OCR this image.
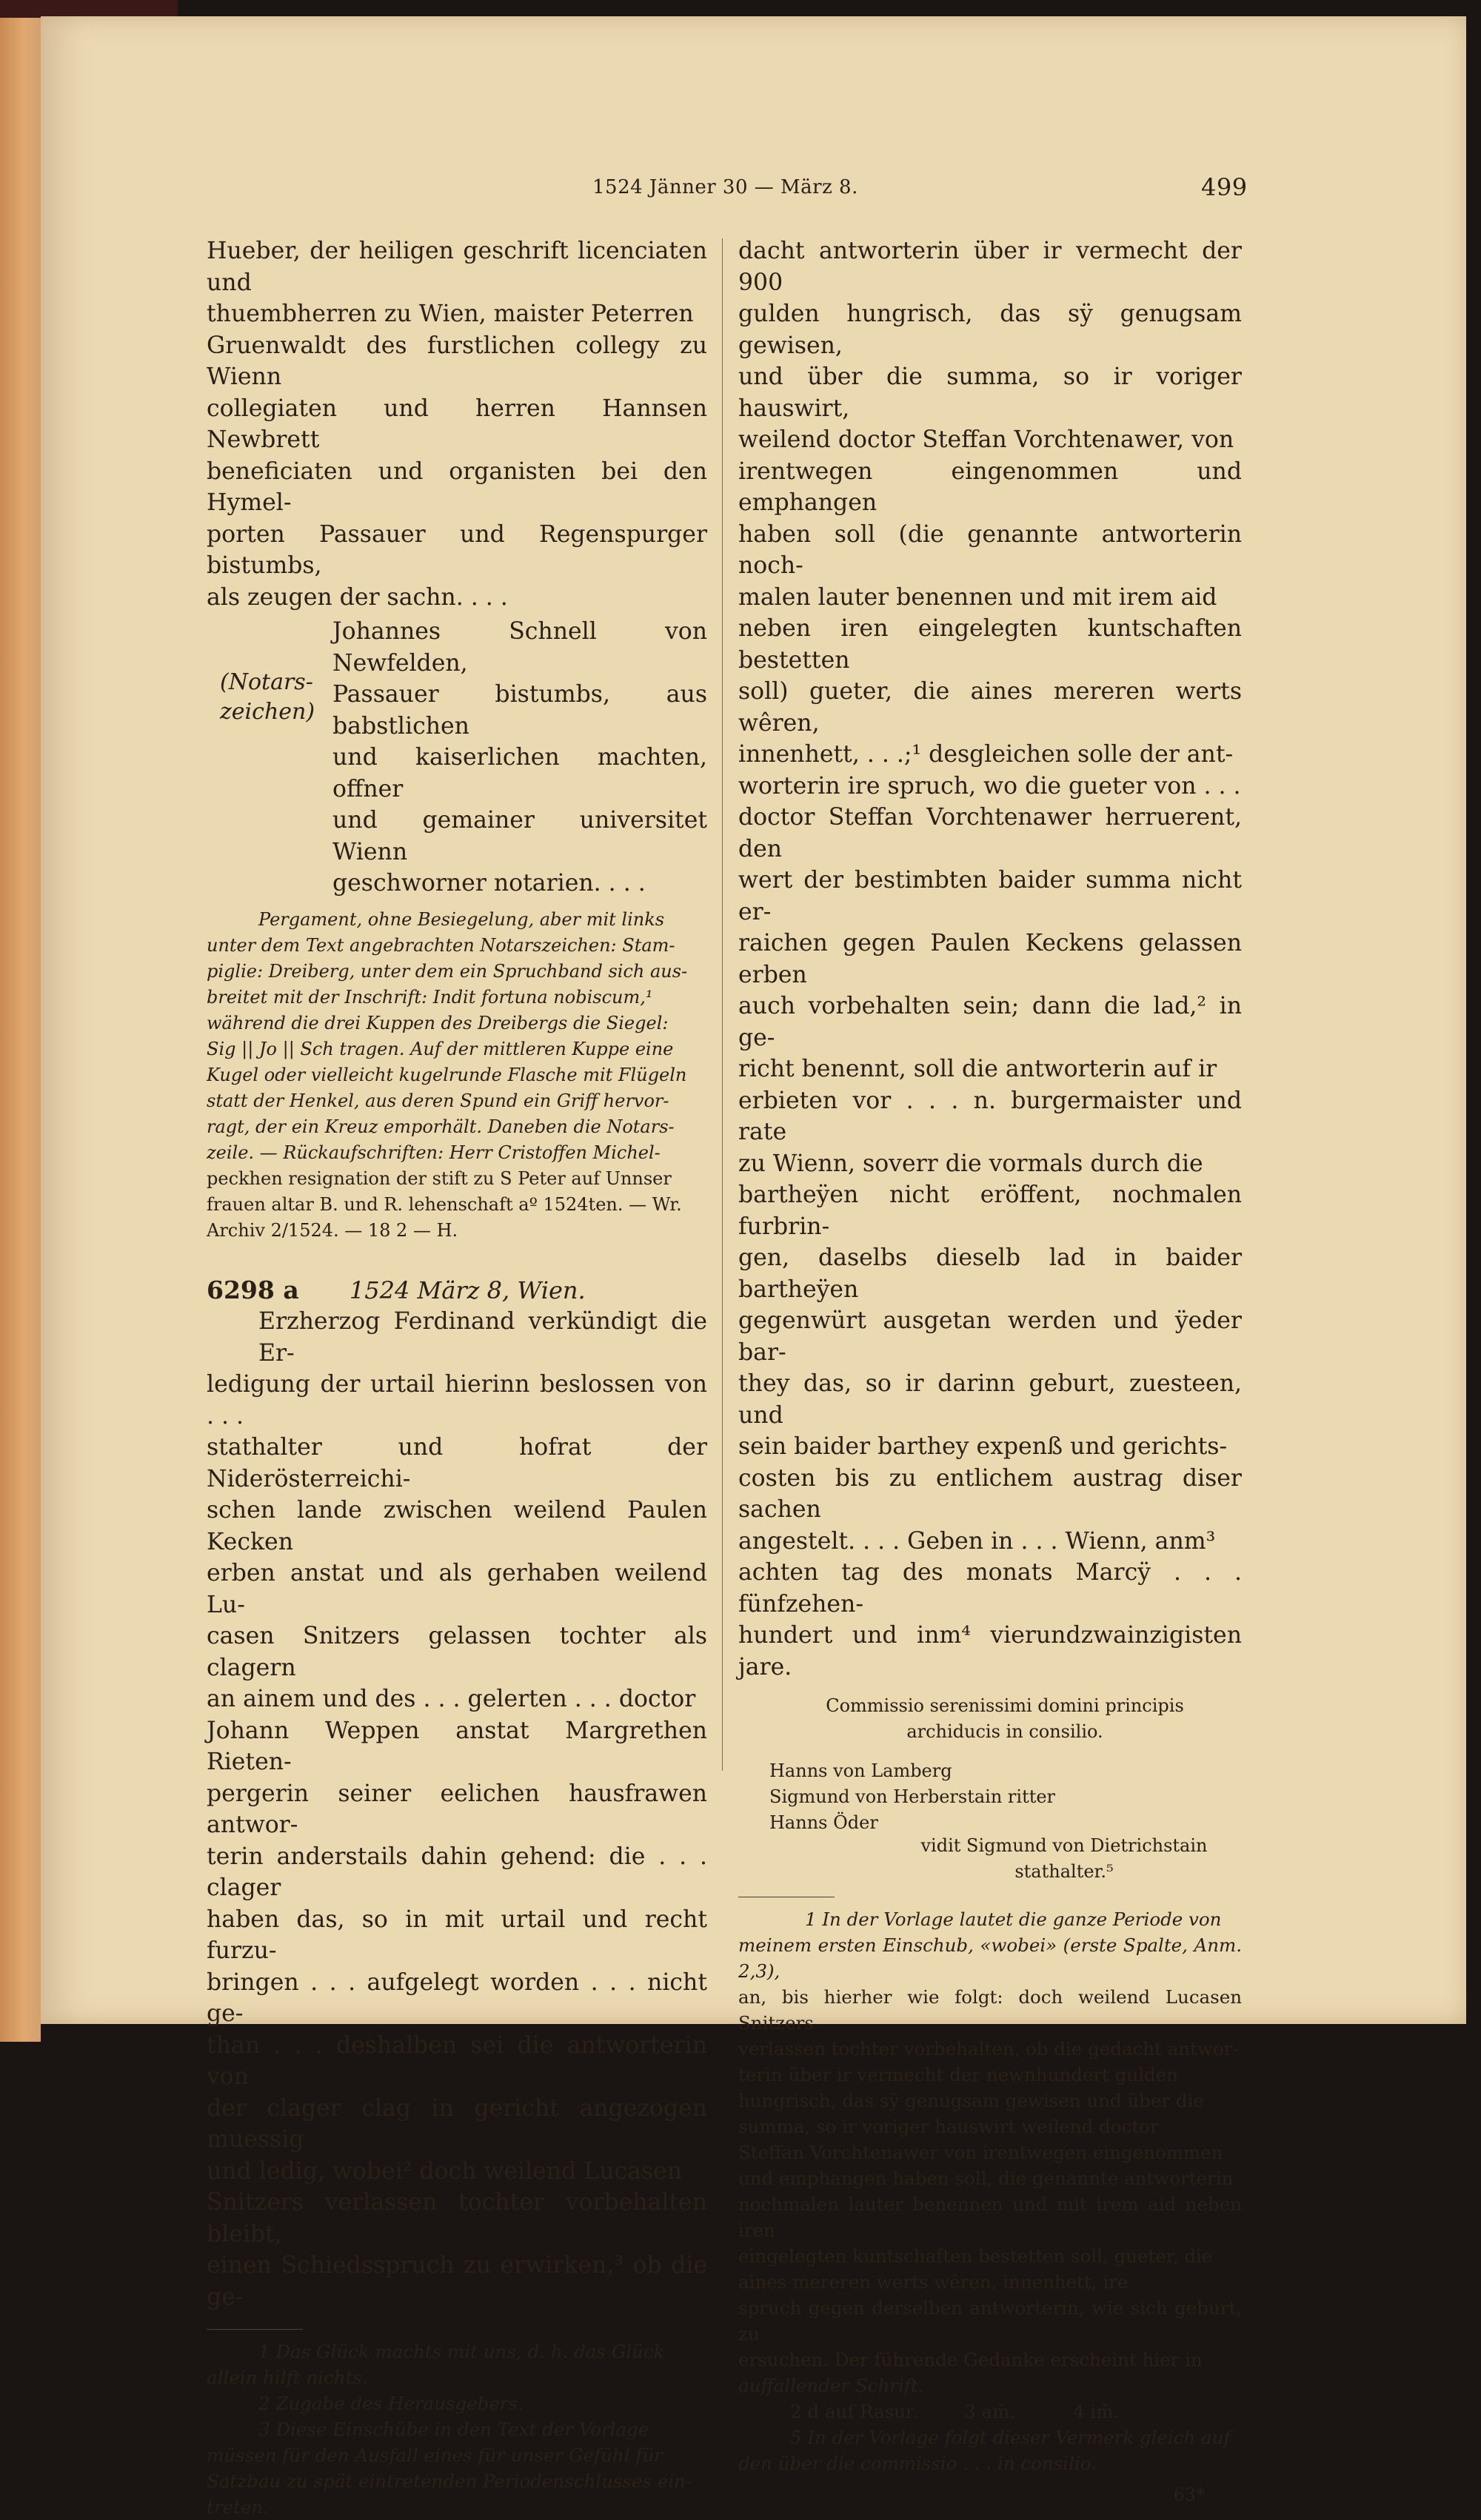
1524 Jänner 30 — März 8.	499

Hueber, der heiligen geschrift licenciaten und

thuembherren zu Wien, maister Peterren

Gruenwaldt des furstlichen collegy zu Wienn

collegiaten und herren Hannsen Newbrett

beneficiaten und organisten bei den Hymel-

porten Passauer und Regenspurger bistumbs,

als zeugen der sachn. . . .

(Notars-
zeichen)

Johannes Schnell von Newfelden,

Passauer bistumbs, aus babstlichen

und kaiserlichen machten, offner

und gemainer universitet Wienn

geschworner notarien. . . .

Pergament, ohne Besiegelung, aber mit links

unter dem Text angebrachten Notarszeichen: Stam-

piglie: Dreiberg, unter dem ein Spruchband sich aus-

breitet mit der Inschrift: Indit fortuna nobiscum,¹

während die drei Kuppen des Dreibergs die Siegel:

Sig || Jo || Sch tragen. Auf der mittleren Kuppe eine

Kugel oder vielleicht kugelrunde Flasche mit Flügeln

statt der Henkel, aus deren Spund ein Griff hervor-

ragt, der ein Kreuz emporhält. Daneben die Notars-

zeile. — Rückaufschriften: Herr Cristoffen Michel-

peckhen resignation der stift zu S Peter auf Unnser

frauen altar B. und R. lehenschaft aº 1524ten. — Wr.

Archiv 2/1524. — 18 2 — H.

6298 a 1524 März 8, Wien.

Erzherzog Ferdinand verkündigt die Er-

ledigung der urtail hierinn beslossen von . . .

stathalter und hofrat der Niderösterreichi-

schen lande zwischen weilend Paulen Kecken

erben anstat und als gerhaben weilend Lu-

casen Snitzers gelassen tochter als clagern

an ainem und des . . . gelerten . . . doctor

Johann Weppen anstat Margrethen Rieten-

pergerin seiner eelichen hausfrawen antwor-

terin anderstails dahin gehend: die . . . clager

haben das, so in mit urtail und recht furzu-

bringen . . . aufgelegt worden . . . nicht ge-

than . . . deshalben sei die antworterin von

der clager clag in gericht angezogen muessig

und ledig, wobei² doch weilend Lucasen

Snitzers verlassen tochter vorbehalten bleibt,

einen Schiedsspruch zu erwirken,³ ob die ge-

1 Das Glück machts mit uns, d. h. das Glück

allein hilft nichts.

2 Zugabe des Herausgebers.

3 Diese Einschübe in den Text der Vorlage

müssen für den Ausfall eines für unser Gefühl für

Satzbau zu spät eintretenden Periodenschlusses ein-

treten.

dacht antworterin über ir vermecht der 900

gulden hungrisch, das sÿ genugsam gewisen,

und über die summa, so ir voriger hauswirt,

weilend doctor Steffan Vorchtenawer, von

irentwegen eingenommen und emphangen

haben soll (die genannte antworterin noch-

malen lauter benennen und mit irem aid

neben iren eingelegten kuntschaften bestetten

soll) gueter, die aines mereren werts wêren,

innenhett, . . .;¹ desgleichen solle der ant-

worterin ire spruch, wo die gueter von . . .

doctor Steffan Vorchtenawer herruerent, den

wert der bestimbten baider summa nicht er-

raichen gegen Paulen Keckens gelassen erben

auch vorbehalten sein; dann die lad,² in ge-

richt benennt, soll die antworterin auf ir

erbieten vor . . . n. burgermaister und rate

zu Wienn, soverr die vormals durch die

bartheÿen nicht eröffent, nochmalen furbrin-

gen, daselbs dieselb lad in baider bartheÿen

gegenwürt ausgetan werden und ÿeder bar-

they das, so ir darinn geburt, zuesteen, und

sein baider barthey expenß und gerichts-

costen bis zu entlichem austrag diser sachen

angestelt. . . . Geben in . . . Wienn, anm³

achten tag des monats Marcÿ . . . fünfzehen-

hundert und inm⁴ vierundzwainzigisten jare.

Commissio serenissimi domini principis
archiducis in consilio.
Hanns von Lamberg
Sigmund von Herberstain ritter
Hanns Öder
vidit Sigmund von Dietrichstain
stathalter.⁵

1 In der Vorlage lautet die ganze Periode von

meinem ersten Einschub, «wobei» (erste Spalte, Anm. 2,3),

an, bis hierher wie folgt: doch weilend Lucasen Snitzers

verlassen tochter vorbehalten, ob die gedacht antwor-

terin über ir vermecht der newnhundert gulden

hungrisch, das sÿ genugsam gewisen und über die

summa, so ir voriger hauswirt weilend doctor

Steffan Vorchtenawer von irentwegen eingenommen

und emphangen haben soll, die genannte antworterin

nochmalen lauter benennen und mit irem aid neben iren

eingelegten kuntschaften bestetten soll, gueter, die

aines mereren werts wêren, innenhett, ire

spruch gegen derselben antworterin, wie sich geburt, zu

ersuchen. Der führende Gedanke erscheint hier in

auffallender Schrift.

2 d auf Rasur.        3 am̄.          4 im̄.

5 In der Vorlage folgt dieser Vermerk gleich auf

den über die commissio . . . in consilio.

63*
